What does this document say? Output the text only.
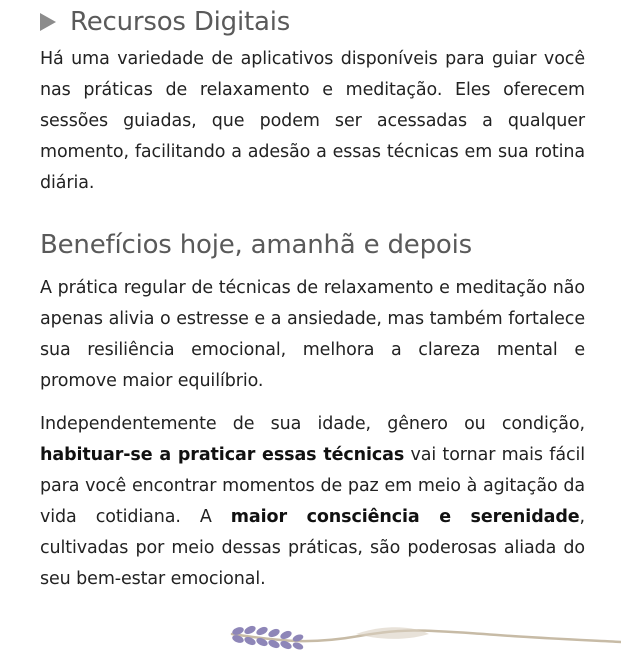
Recursos Digitais

Há uma variedade de aplicativos disponíveis para guiar você nas práticas de relaxamento e meditação. Eles oferecem sessões guiadas, que podem ser acessadas a qualquer momento, facilitando a adesão a essas técnicas em sua rotina diária.

Benefícios hoje, amanhã e depois

A prática regular de técnicas de relaxamento e meditação não apenas alivia o estresse e a ansiedade, mas também fortalece sua resiliência emocional, melhora a clareza mental e promove maior equilíbrio.

Independentemente de sua idade, gênero ou condição, habituar-se a praticar essas técnicas vai tornar mais fácil para você encontrar momentos de paz em meio à agitação da vida cotidiana. A maior consciência e serenidade, cultivadas por meio dessas práticas, são poderosas aliada do seu bem-estar emocional.
